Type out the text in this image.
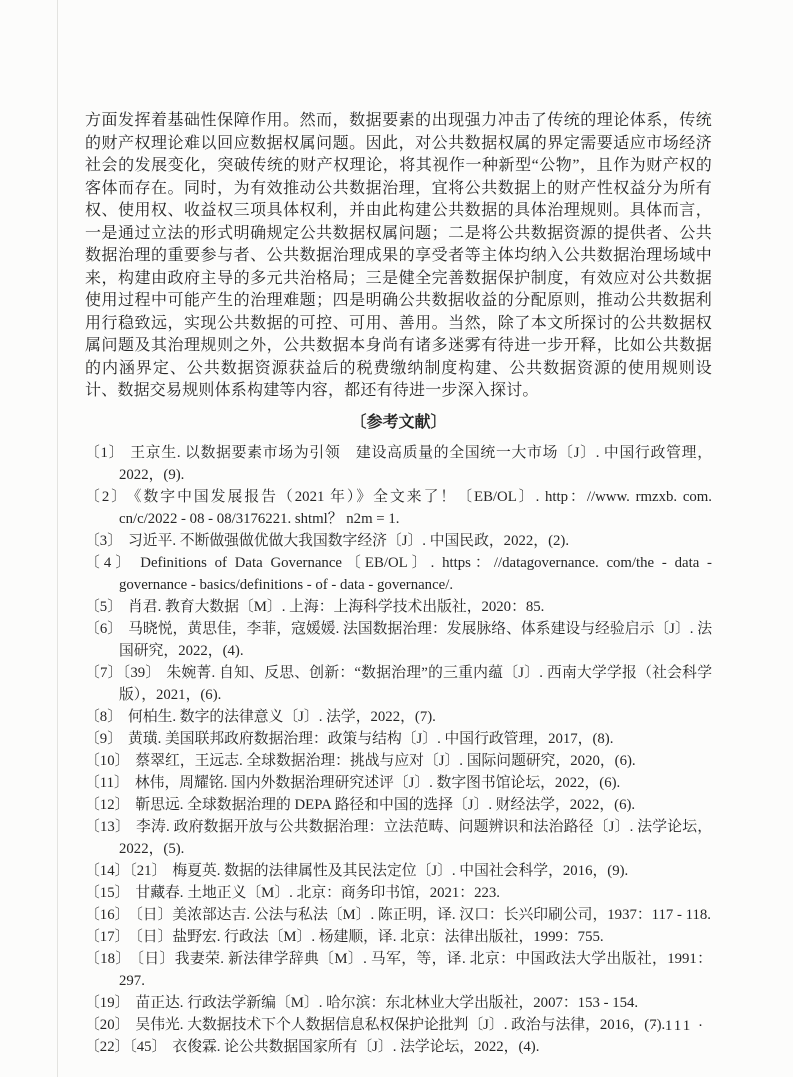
方面发挥着基础性保障作用。然而，数据要素的出现强力冲击了传统的理论体系，传统的财产权理论难以回应数据权属问题。因此，对公共数据权属的界定需要适应市场经济社会的发展变化，突破传统的财产权理论，将其视作一种新型“公物”，且作为财产权的客体而存在。同时，为有效推动公共数据治理，宜将公共数据上的财产性权益分为所有权、使用权、收益权三项具体权利，并由此构建公共数据的具体治理规则。具体而言，一是通过立法的形式明确规定公共数据权属问题；二是将公共数据资源的提供者、公共数据治理的重要参与者、公共数据治理成果的享受者等主体均纳入公共数据治理场域中来，构建由政府主导的多元共治格局；三是健全完善数据保护制度，有效应对公共数据使用过程中可能产生的治理难题；四是明确公共数据收益的分配原则，推动公共数据利用行稳致远，实现公共数据的可控、可用、善用。当然，除了本文所探讨的公共数据权属问题及其治理规则之外，公共数据本身尚有诸多迷雾有待进一步开释，比如公共数据的内涵界定、公共数据资源获益后的税费缴纳制度构建、公共数据资源的使用规则设计、数据交易规则体系构建等内容，都还有待进一步深入探讨。

〔参考文献〕
〔1〕 王京生. 以数据要素市场为引领　建设高质量的全国统一大市场〔J〕. 中国行政管理，2022，(9).
〔2〕 《数字中国发展报告（2021 年）》全文来了！〔EB/OL〕. http：//www. rmzxb. com. cn/c/2022 - 08 - 08/3176221. shtml？ n2m = 1.
〔3〕 习近平. 不断做强做优做大我国数字经济〔J〕. 中国民政，2022，(2).
〔4〕 Definitions of Data Governance〔EB/OL〕. https：//datagovernance. com/the - data - governance - basics/definitions - of - data - governance/.
〔5〕 肖君. 教育大数据〔M〕. 上海：上海科学技术出版社，2020：85.
〔6〕 马晓悦，黄思佳，李菲，寇媛媛. 法国数据治理：发展脉络、体系建设与经验启示〔J〕. 法国研究，2022，(4).
〔7〕〔39〕 朱婉菁. 自知、反思、创新：“数据治理”的三重内蕴〔J〕. 西南大学学报（社会科学版），2021，(6).
〔8〕 何柏生. 数字的法律意义〔J〕. 法学，2022，(7).
〔9〕 黄璜. 美国联邦政府数据治理：政策与结构〔J〕. 中国行政管理，2017，(8).
〔10〕 蔡翠红，王远志. 全球数据治理：挑战与应对〔J〕. 国际问题研究，2020，(6).
〔11〕 林伟，周耀铭. 国内外数据治理研究述评〔J〕. 数字图书馆论坛，2022，(6).
〔12〕 靳思远. 全球数据治理的 DEPA 路径和中国的选择〔J〕. 财经法学，2022，(6).
〔13〕 李涛. 政府数据开放与公共数据治理：立法范畴、问题辨识和法治路径〔J〕. 法学论坛，2022，(5).
〔14〕〔21〕 梅夏英. 数据的法律属性及其民法定位〔J〕. 中国社会科学，2016，(9).
〔15〕 甘藏春. 土地正义〔M〕. 北京：商务印书馆，2021：223.
〔16〕 〔日〕美浓部达吉. 公法与私法〔M〕. 陈正明，译. 汉口：长兴印刷公司，1937：117 - 118.
〔17〕 〔日〕盐野宏. 行政法〔M〕. 杨建顺，译. 北京：法律出版社，1999：755.
〔18〕 〔日〕我妻荣. 新法律学辞典〔M〕. 马军，等，译. 北京：中国政法大学出版社，1991：297.
〔19〕 苗正达. 行政法学新编〔M〕. 哈尔滨：东北林业大学出版社，2007：153 - 154.
〔20〕 吴伟光. 大数据技术下个人数据信息私权保护论批判〔J〕. 政治与法律，2016，(7).
〔22〕〔45〕 衣俊霖. 论公共数据国家所有〔J〕. 法学论坛，2022，(4).
· 111 ·
